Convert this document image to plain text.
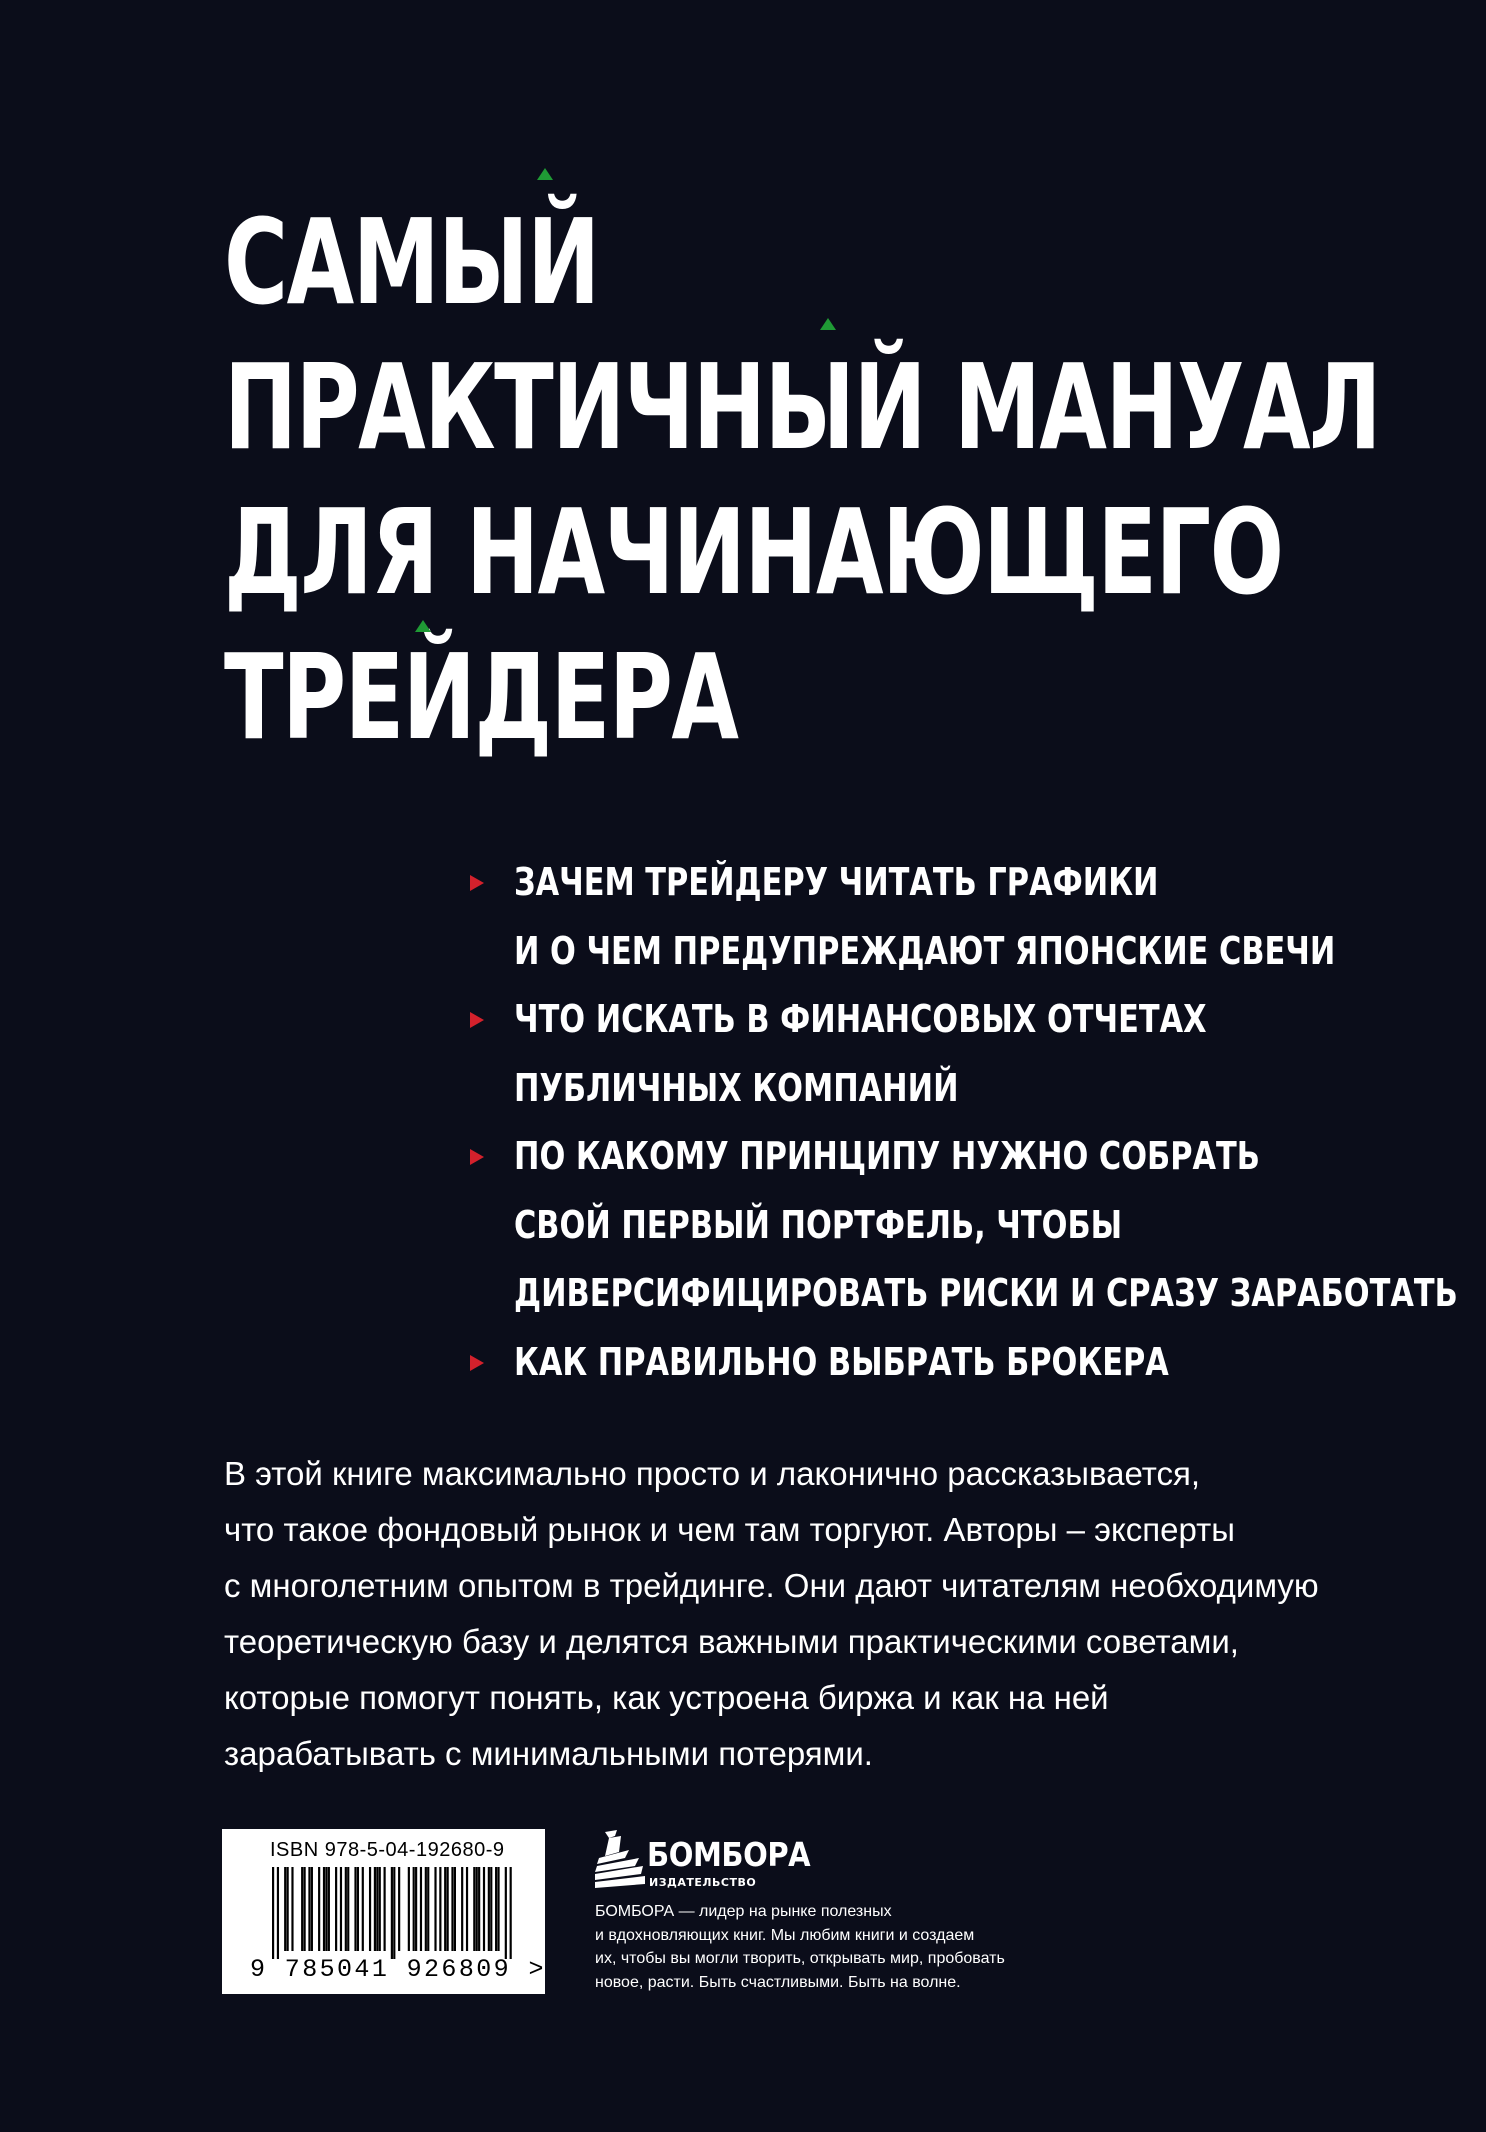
САМЫЙ
ПРАКТИЧНЫЙ МАНУАЛ
ДЛЯ НАЧИНАЮЩЕГО
ТРЕЙДЕРА
ЗАЧЕМ ТРЕЙДЕРУ ЧИТАТЬ ГРАФИКИ
И О ЧЕМ ПРЕДУПРЕЖДАЮТ ЯПОНСКИЕ СВЕЧИ
ЧТО ИСКАТЬ В ФИНАНСОВЫХ ОТЧЕТАХ
ПУБЛИЧНЫХ КОМПАНИЙ
ПО КАКОМУ ПРИНЦИПУ НУЖНО СОБРАТЬ
СВОЙ ПЕРВЫЙ ПОРТФЕЛЬ, ЧТОБЫ
ДИВЕРСИФИЦИРОВАТЬ РИСКИ И СРАЗУ ЗАРАБОТАТЬ
КАК ПРАВИЛЬНО ВЫБРАТЬ БРОКЕРА

В этой книге максимально просто и лаконично рассказывается,
что такое фондовый рынок и чем там торгуют. Авторы – эксперты
с многолетним опытом в трейдинге. Они дают читателям необходимую
теоретическую базу и делятся важными практическими советами,
которые помогут понять, как устроена биржа и как на ней
зарабатывать с минимальными потерями.

ISBN 978-5-04-192680-9
9 785041 926809 >
БОМБОРА
ИЗДАТЕЛЬСТВО

БОМБОРА — лидер на рынке полезных
и вдохновляющих книг. Мы любим книги и создаем
их, чтобы вы могли творить, открывать мир, пробовать
новое, расти. Быть счастливыми. Быть на волне.
